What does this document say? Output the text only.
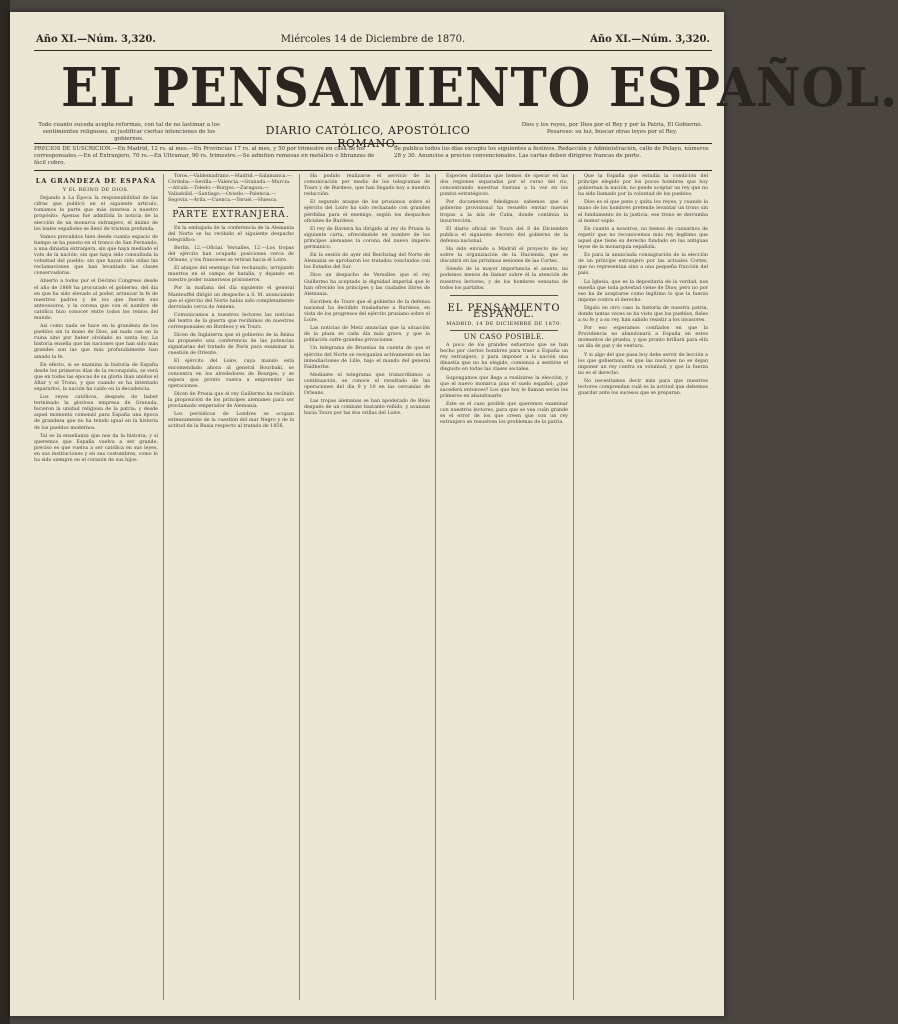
Año XI.—Núm. 3,320.	Miércoles 14 de Diciembre de 1870.	Año XI.—Núm. 3,320.
EL PENSAMIENTO ESPAÑOL.
Todo cuanto suceda acepta reformas, con tal de no lastimar a los sentimientos religiosos, ni justificar ciertas intenciones de los gobiernos.
DIARIO CATÓLICO, APOSTÓLICO ROMANO.
Dios y los reyes, por Dios por el Rey y por la Patria, El Gobierno. Pesaroso: su luz, buscar otras leyes por el Rey.
PRECIOS DE SUSCRICION.—En Madrid, 12 rs. al mes.—En Provincias 17 rs. al mes, y 50 por trimestre en casa de los corresponsales.—En el Extranjero, 70 rs.—En Ultramar, 90 rs. trimestre.—Se admiten remesas en metálico o libranzas de fácil cobro.
Se publica todos los días excepto los siguientes a festivos. Redacción y Administración, calle de Pelayo, números 28 y 30. Anuncios a precios convencionales. Las cartas deben dirigirse francas de porte.
LA GRANDEZA DE ESPAÑA
Y EL REINO DE DIOS.

Dejando a La Época la responsabilidad de las cifras que publicó en el siguiente artículo, tomamos la parte que más interesa a nuestro propósito: Apenas fué admitida la noticia de la elección de un monarca extranjero, el ánimo de los leales españoles se llenó de tristeza profunda.

Vamos prevalidos bien desde cuanta espacio de tiempo se ha puesto en el tronco de San Fernando, a una dinastía extranjera, sin que haya mediado el voto de la nación; sin que haya sido consultada la voluntad del pueblo; sin que hayan sido oídas las reclamaciones que han levantado las clases conservadoras.

Abierto a todos por el Décimo Congreso desde el año de 1868 ha procurado el gobierno, del día en que ha sido elevado al poder, arrancar la fe de nuestros padres y de los que fueron sus antecesores, y la corona que con el nombre de católica hizo conocer entre todos los reinos del mundo.

Así como nada se hace en la grandeza de los pueblos sin la mano de Dios, así nada cae en la ruina sino por haber olvidado su santa ley. La historia enseña que las naciones que han sido más grandes son las que más profundamente han amado la fe.

En efecto, si se examina la historia de España desde los primeros días de la reconquista, se verá que en todas las épocas de su gloria iban unidos el Altar y el Trono, y que cuando se ha intentado separarlos, la nación ha caído en la decadencia.

Los reyes católicos, después de haber terminado la gloriosa empresa de Granada, hicieron la unidad religiosa de la patria; y desde aquel momento comenzó para España una época de grandeza que no ha tenido igual en la historia de los pueblos modernos.

Tal es la enseñanza que nos da la historia; y si queremos que España vuelva a ser grande, preciso es que vuelva a ser católica en sus leyes, en sus instituciones y en sus costumbres, como lo ha sido siempre en el corazón de sus hijos.

Toros.—Valdemadrano.—Madrid.—Salamanca.—Córdoba.—Sevilla.—Valencia.—Granada.—Murcia.—Alcalá.—Toledo.—Burgos.—Zaragoza.—Valladolid.—Santiago.—Oviedo.—Palencia.—Segovia.—Ávila.—Cuenca.—Teruel.—Huesca.

PARTE EXTRANJERA.

En la embajada de la conferencia de la Alemania del Norte se ha recibido el siguiente despacho telegráfico:

Berlin, 12.—Oficial. Versalles, 12.—Los tropas del ejército han ocupado posiciones cerca de Orleans, y los franceses se retiran hacia el Loire.

El ataque del enemigo fué rechazado, arrojando muertos en el campo de batalla, y dejando en nuestro poder numerosos prisioneros.

Por la mañana del día siguiente el general Manteuffel dirigió un despacho a S. M. anunciando que el ejército del Norte había sido completamente derrotado cerca de Amiens.

Comunicamos a nuestros lectores las noticias del teatro de la guerra que recibimos de nuestros corresponsales en Burdeos y en Tours.

Dicen de Inglaterra que el gobierno de la Reina ha propuesto una conferencia de las potencias signatarias del tratado de París para examinar la cuestión de Oriente.

El ejército del Loire, cuya mando está encomendado ahora al general Bourbaki, se concentra en los alrededores de Bourges, y se espera que pronto vuelva a emprender las operaciones.

Dicen de Prusia que el rey Guillermo ha recibido la proposición de los príncipes alemanes para ser proclamado emperador de Alemania.

Los periódicos de Londres se ocupan extensamente de la cuestión del mar Negro y de la actitud de la Rusia respecto al tratado de 1856.

Ha podido realizarse el servicio de la comunicación por medio de los telegramas de Tours y de Burdeos, que han llegado hoy a nuestra redacción.

El segundo ataque de los prusianos sobre el ejército del Loire ha sido rechazado con grandes pérdidas para el enemigo, según los despachos oficiales de Burdeos.

El rey de Baviera ha dirigido al rey de Prusia la siguiente carta, ofreciéndole en nombre de los príncipes alemanes la corona del nuevo imperio germánico.

En la sesión de ayer del Reichstag del Norte de Alemania se aprobaron los tratados concluidos con los Estados del Sur.

Dice un despacho de Versalles que el rey Guillermo ha aceptado la dignidad imperial que le han ofrecido los príncipes y las ciudades libres de Alemania.

Escriben de Tours que el gobierno de la defensa nacional ha decidido trasladarse a Burdeos, en vista de los progresos del ejército prusiano sobre el Loire.

Las noticias de Metz anuncian que la situación de la plaza es cada día más grave, y que la población sufre grandes privaciones.

Un telegrama de Bruselas da cuenta de que el ejército del Norte se reorganiza activamente en las inmediaciones de Lille, bajo el mando del general Faidherbe.

Mediante el telegrama que transcribimos a continuación, se conoce el resultado de las operaciones del día 9 y 10 en las cercanías de Orleans.

Las tropas alemanas se han apoderado de Blois después de un combate bastante reñido, y avanzan hacia Tours por las dos orillas del Loire.

Especies distintas que hemos de operar en las dos regiones separadas por el curso del río, concentrando nuestras fuerzas a la vez en los puntos estratégicos.

Por documentos fidedignos sabemos que el gobierno provisional ha resuelto enviar nuevas tropas a la isla de Cuba, donde continúa la insurrección.

El diario oficial de Tours del 8 de Diciembre publica el siguiente decreto del gobierno de la defensa nacional.

Ha sido enviado a Madrid el proyecto de ley sobre la organización de la Hacienda, que se discutirá en las próximas sesiones de las Cortes.

Siendo de la mayor importancia el asunto, no podemos menos de llamar sobre él la atención de nuestros lectores, y de los hombres sensatos de todos los partidos.

EL PENSAMIENTO ESPAÑOL.
MADRID, 14 DE DICIEMBRE DE 1870.
UN CASO POSIBLE.

A poco de los grandes esfuerzos que se han hecho por ciertos hombres para traer a España un rey extranjero, y para imponer a la nación una dinastía que no ha elegido, comienza a sentirse el disgusto en todas las clases sociales.

Supongamos que llega a realizarse la elección, y que el nuevo monarca pisa el suelo español; ¿qué sucederá entonces? Los que hoy le llaman serán los primeros en abandonarle.

Este es el caso posible que queremos examinar con nuestros lectores, para que se vea cuán grande es el error de los que creen que con un rey extranjero se resuelven los problemas de la patria.

Que la España que estudia la condición del príncipe elegido por los pocos hombres que hoy gobiernan la nación, no puede aceptar un rey que no ha sido llamado por la voluntad de los pueblos.

Dios es el que pone y quita los reyes, y cuando la mano de los hombres pretende levantar un trono sin el fundamento de la justicia, ese trono se derrumba al menor soplo.

En cuanto a nosotros, no hemos de cansarnos de repetir que no reconocemos más rey legítimo que aquel que tiene su derecho fundado en las antiguas leyes de la monarquía española.

Es para la anunciada consagración de la elección de un príncipe extranjero por las actuales Cortes, que no representan sino a una pequeña fracción del país.

La Iglesia, que es la depositaria de la verdad, nos enseña que toda potestad viene de Dios; pero no por eso ha de aceptarse como legítimo lo que la fuerza impone contra el derecho.

Dígalo en otro caso la historia de nuestra patria, donde tantas veces se ha visto que los pueblos, fieles a su fe y a su rey, han sabido resistir a los invasores.

Por eso esperamos confiados en que la Providencia no abandonará a España en estos momentos de prueba, y que pronto brillará para ella un día de paz y de ventura.

Y si algo del que pasa hoy debe servir de lección a los que gobiernan, es que las naciones no se dejan imponer un rey contra su voluntad, y que la fuerza no es el derecho.

No necesitamos decir más para que nuestros lectores comprendan cuál es la actitud que debemos guardar ante los sucesos que se preparan.
